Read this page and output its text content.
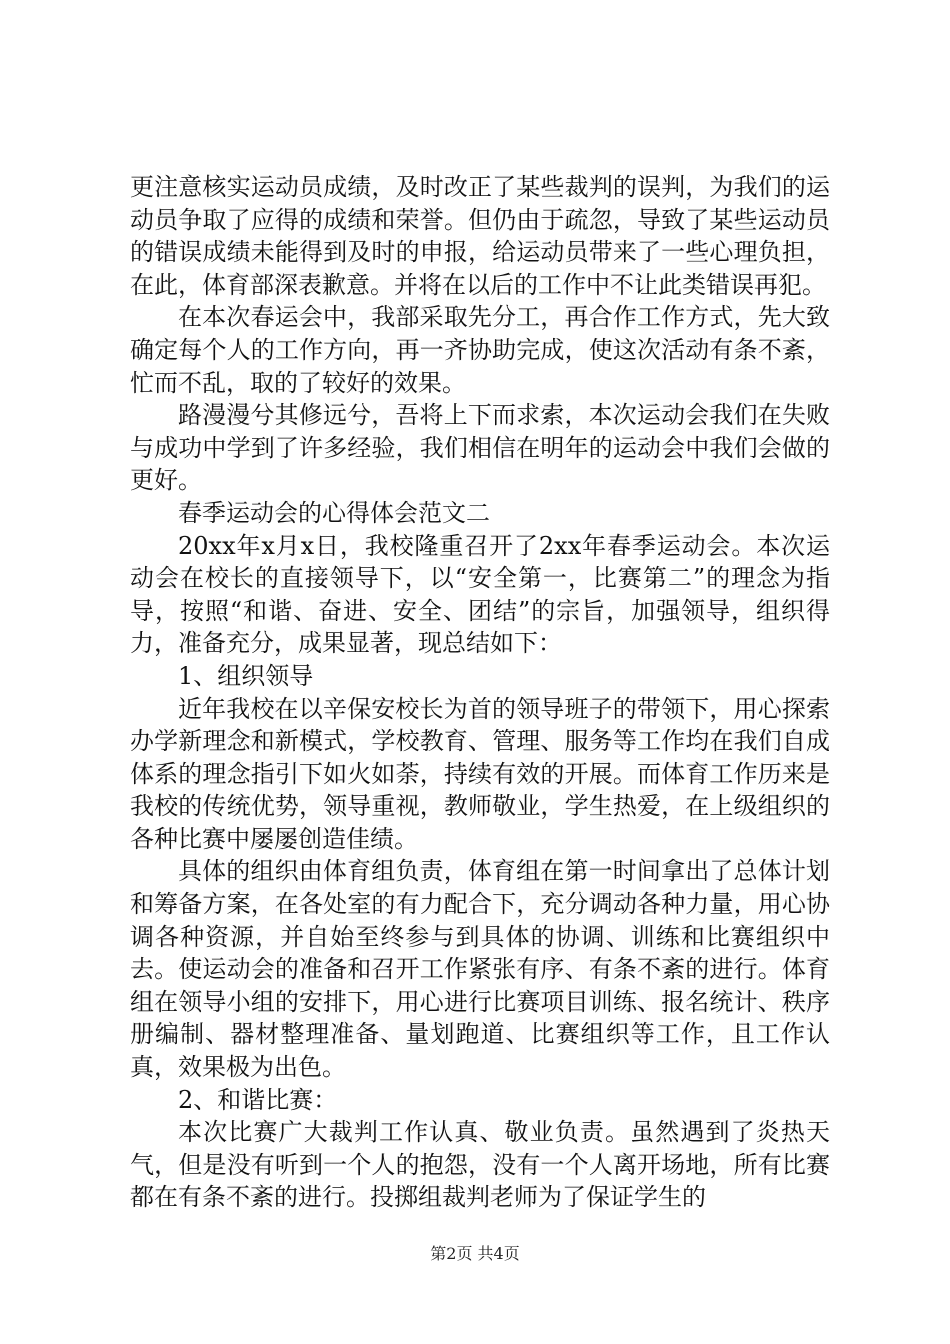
更注意核实运动员成绩，及时改正了某些裁判的误判，为我们的运动员争取了应得的成绩和荣誉。但仍由于疏忽，导致了某些运动员的错误成绩未能得到及时的申报，给运动员带来了一些心理负担，在此，体育部深表歉意。并将在以后的工作中不让此类错误再犯。

在本次春运会中，我部采取先分工，再合作工作方式，先大致确定每个人的工作方向，再一齐协助完成，使这次活动有条不紊，忙而不乱，取的了较好的效果。

路漫漫兮其修远兮，吾将上下而求索，本次运动会我们在失败与成功中学到了许多经验，我们相信在明年的运动会中我们会做的更好。

春季运动会的心得体会范文二

20xx年x月x日，我校隆重召开了2xx年春季运动会。本次运动会在校长的直接领导下，以“安全第一，比赛第二”的理念为指导，按照“和谐、奋进、安全、团结”的宗旨，加强领导，组织得力，准备充分，成果显著，现总结如下：

1、组织领导

近年我校在以辛保安校长为首的领导班子的带领下，用心探索办学新理念和新模式，学校教育、管理、服务等工作均在我们自成体系的理念指引下如火如荼，持续有效的开展。而体育工作历来是我校的传统优势，领导重视，教师敬业，学生热爱，在上级组织的各种比赛中屡屡创造佳绩。

具体的组织由体育组负责，体育组在第一时间拿出了总体计划和筹备方案，在各处室的有力配合下，充分调动各种力量，用心协调各种资源，并自始至终参与到具体的协调、训练和比赛组织中去。使运动会的准备和召开工作紧张有序、有条不紊的进行。体育组在领导小组的安排下，用心进行比赛项目训练、报名统计、秩序册编制、器材整理准备、量划跑道、比赛组织等工作，且工作认真，效果极为出色。

2、和谐比赛：

本次比赛广大裁判工作认真、敬业负责。虽然遇到了炎热天气，但是没有听到一个人的抱怨，没有一个人离开场地，所有比赛都在有条不紊的进行。投掷组裁判老师为了保证学生的

第2页 共4页
